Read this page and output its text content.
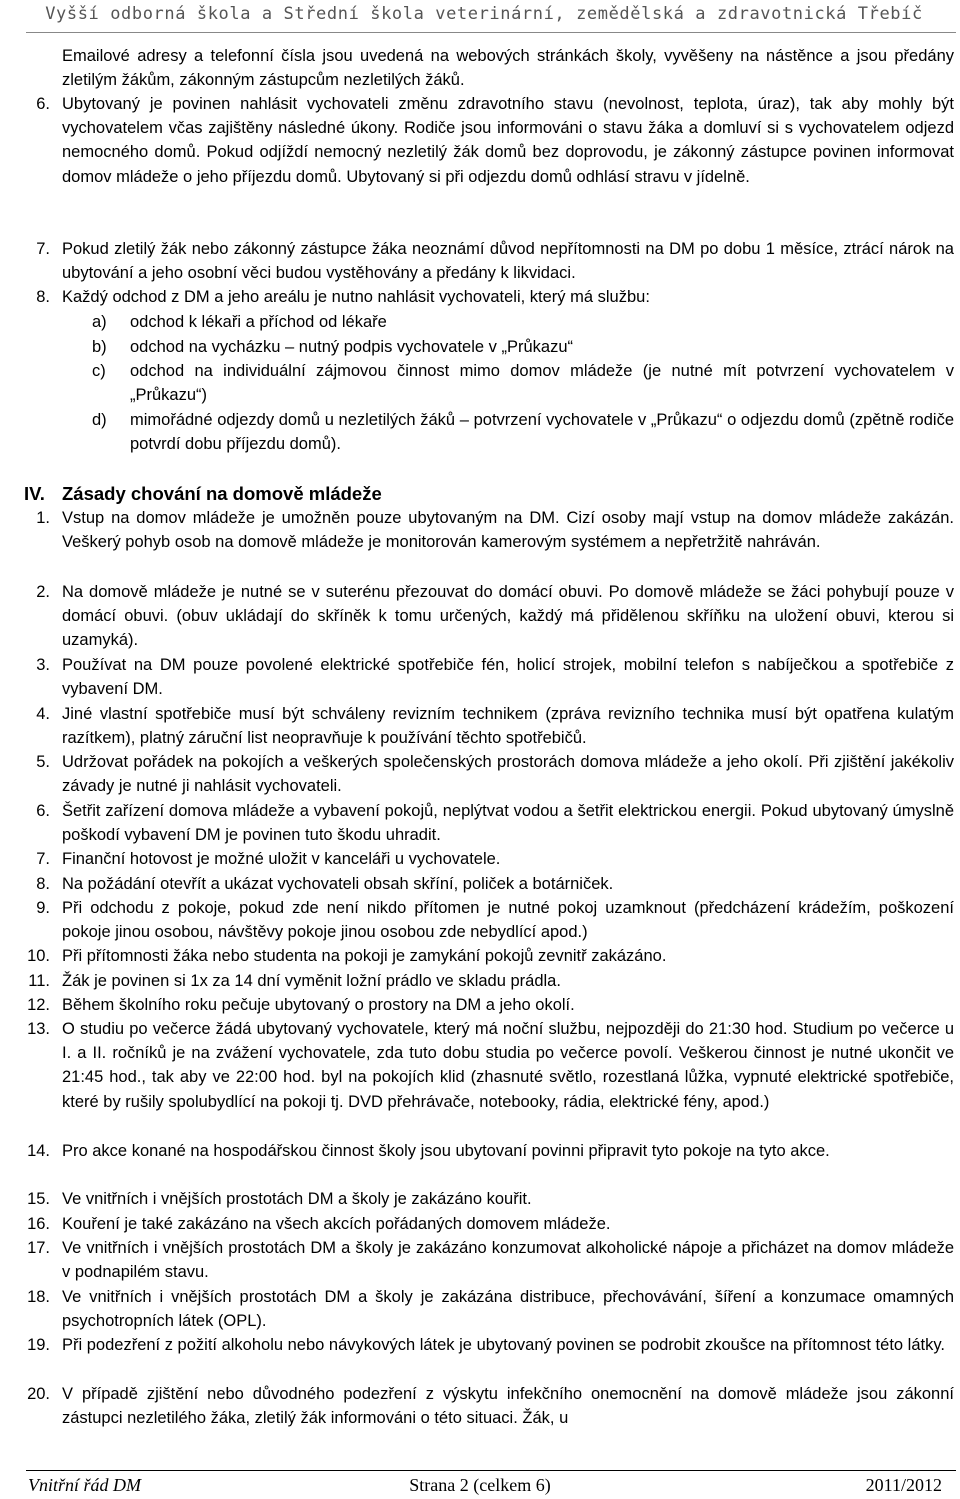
Vyšší odborná škola a Střední škola veterinární, zemědělská a zdravotnická Třebíč

Emailové adresy a telefonní čísla jsou uvedená na webových stránkách školy, vyvěšeny na nástěnce a jsou předány zletilým žákům, zákonným zástupcům nezletilých žáků.

6. Ubytovaný je povinen nahlásit vychovateli změnu zdravotního stavu (nevolnost, teplota, úraz), tak aby mohly být vychovatelem včas zajištěny následné úkony. Rodiče jsou informováni o stavu žáka a domluví si s vychovatelem odjezd nemocného domů. Pokud odjíždí nemocný nezletilý žák domů bez doprovodu, je zákonný zástupce povinen informovat domov mládeže o jeho příjezdu domů. Ubytovaný si při odjezdu domů odhlásí stravu v jídelně.

7. Pokud zletilý žák nebo zákonný zástupce žáka neoznámí důvod nepřítomnosti na DM po dobu 1 měsíce, ztrácí nárok na ubytování a jeho osobní věci budou vystěhovány a předány k likvidaci.

8. Každý odchod z DM a jeho areálu je nutno nahlásit vychovateli, který má službu:

a)	odchod k lékaři a příchod od lékaře

b)	odchod na vycházku – nutný podpis vychovatele v „Průkazu“

c)	odchod na individuální zájmovou činnost mimo domov mládeže (je nutné mít potvrzení vychovatelem v „Průkazu“)

d)	mimořádné odjezdy domů u nezletilých žáků – potvrzení vychovatele v „Průkazu“ o odjezdu domů (zpětně rodiče potvrdí dobu příjezdu domů).

IV. Zásady chování na domově mládeže
1. Vstup na domov mládeže je umožněn pouze ubytovaným na DM. Cizí osoby mají vstup na domov mládeže zakázán. Veškerý pohyb osob na domově mládeže je monitorován kamerovým systémem a nepřetržitě nahráván.

2. Na domově mládeže je nutné se v suterénu přezouvat do domácí obuvi. Po domově mládeže se žáci pohybují pouze v domácí obuvi. (obuv ukládají do skříněk k tomu určených, každý má přidělenou skříňku na uložení obuvi, kterou si uzamyká).

3. Používat na DM pouze povolené elektrické spotřebiče fén, holicí strojek, mobilní telefon s nabíječkou a spotřebiče z vybavení DM.

4. Jiné vlastní spotřebiče musí být schváleny revizním technikem (zpráva revizního technika musí být opatřena kulatým razítkem), platný záruční list neopravňuje k používání těchto spotřebičů.

5. Udržovat pořádek na pokojích a veškerých společenských prostorách domova mládeže a jeho okolí. Při zjištění jakékoliv závady je nutné ji nahlásit vychovateli.

6. Šetřit zařízení domova mládeže a vybavení pokojů, neplýtvat vodou a šetřit elektrickou energii. Pokud ubytovaný úmyslně poškodí vybavení DM je povinen tuto škodu uhradit.

7. Finanční hotovost je možné uložit v kanceláři u vychovatele.

8. Na požádání otevřít a ukázat vychovateli obsah skříní, poliček a botárniček.

9. Při odchodu z pokoje, pokud zde není nikdo přítomen je nutné pokoj uzamknout (předcházení krádežím, poškození pokoje jinou osobou, návštěvy pokoje jinou osobou zde nebydlící apod.)

10. Při přítomnosti žáka nebo studenta na pokoji je zamykání pokojů zevnitř zakázáno.

11. Žák je povinen si 1x za 14 dní vyměnit ložní prádlo ve skladu prádla.

12. Během školního roku pečuje ubytovaný o prostory na DM a jeho okolí.

13. O studiu po večerce žádá ubytovaný vychovatele, který má noční službu, nejpozději do 21:30 hod. Studium po večerce u I. a II. ročníků je na zvážení vychovatele, zda tuto dobu studia po večerce povolí. Veškerou činnost je nutné ukončit ve 21:45 hod., tak aby ve 22:00 hod. byl na pokojích klid (zhasnuté světlo, rozestlaná lůžka, vypnuté elektrické spotřebiče, které by rušily spolubydlící na pokoji tj. DVD přehrávače, notebooky, rádia, elektrické fény, apod.)

14. Pro akce konané na hospodářskou činnost školy jsou ubytovaní povinni připravit tyto pokoje na tyto akce.

15. Ve vnitřních i vnějších prostotách DM a školy je zakázáno kouřit.

16. Kouření je také zakázáno na všech akcích pořádaných domovem mládeže.

17. Ve vnitřních i vnějších prostotách DM a školy je zakázáno konzumovat alkoholické nápoje a přicházet na domov mládeže v podnapilém stavu.

18. Ve vnitřních i vnějších prostotách DM a školy je zakázána distribuce, přechovávání, šíření a konzumace omamných psychotropních látek (OPL).

19. Při podezření z požití alkoholu nebo návykových látek je ubytovaný povinen se podrobit zkoušce na přítomnost této látky.

20. V případě zjištění nebo důvodného podezření z výskytu infekčního onemocnění na domově mládeže jsou zákonní zástupci nezletilého žáka, zletilý žák informováni o této situaci. Žák, u

Vnitřní řád DM	Strana 2 (celkem 6)	2011/2012
